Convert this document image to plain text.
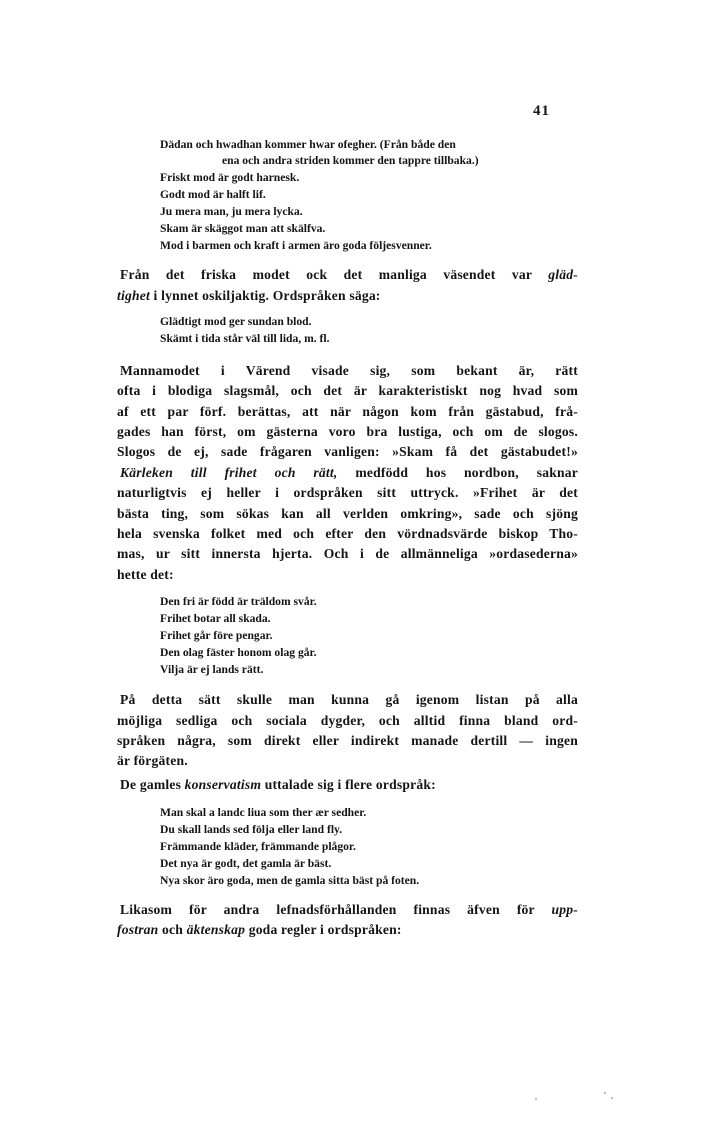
41
Dädan och hwadhan kommer hwar ofegher. (Från både den
ena och andra striden kommer den tappre tillbaka.)
Friskt mod är godt harnesk.
Godt mod är halft lif.
Ju mera man, ju mera lycka.
Skam är skäggot man att skälfva.
Mod i barmen och kraft i armen äro goda följesvenner.
Från det friska modet ock det manliga väsendet var gläd-
tighet i lynnet oskiljaktig. Ordspråken säga:
Glädtigt mod ger sundan blod.
Skämt i tida står väl till lida, m. fl.
Mannamodet i Värend visade sig, som bekant är, rätt
ofta i blodiga slagsmål, och det är karakteristiskt nog hvad som
af ett par förf. berättas, att när någon kom från gästabud, frå-
gades han först, om gästerna voro bra lustiga, och om de slogos.
Slogos de ej, sade frågaren vanligen: »Skam få det gästabudet!»
Kärleken till frihet och rätt, medfödd hos nordbon, saknar
naturligtvis ej heller i ordspråken sitt uttryck. »Frihet är det
bästa ting, som sökas kan all verlden omkring», sade och sjöng
hela svenska folket med och efter den vördnadsvärde biskop Tho-
mas, ur sitt innersta hjerta. Och i de allmänneliga »ordasederna»
hette det:
Den fri är född är träldom svår.
Frihet botar all skada.
Frihet går före pengar.
Den olag fäster honom olag går.
Vilja är ej lands rätt.
På detta sätt skulle man kunna gå igenom listan på alla
möjliga sedliga och sociala dygder, och alltid finna bland ord-
språken några, som direkt eller indirekt manade dertill — ingen
är förgäten.
De gamles konservatism uttalade sig i flere ordspråk:
Man skal a landc liua som ther ær sedher.
Du skall lands sed följa eller land fly.
Främmande kläder, främmande plågor.
Det nya är godt, det gamla är bäst.
Nya skor äro goda, men de gamla sitta bäst på foten.
Likasom för andra lefnadsförhållanden finnas äfven för upp-
fostran och äktenskap goda regler i ordspråken:
